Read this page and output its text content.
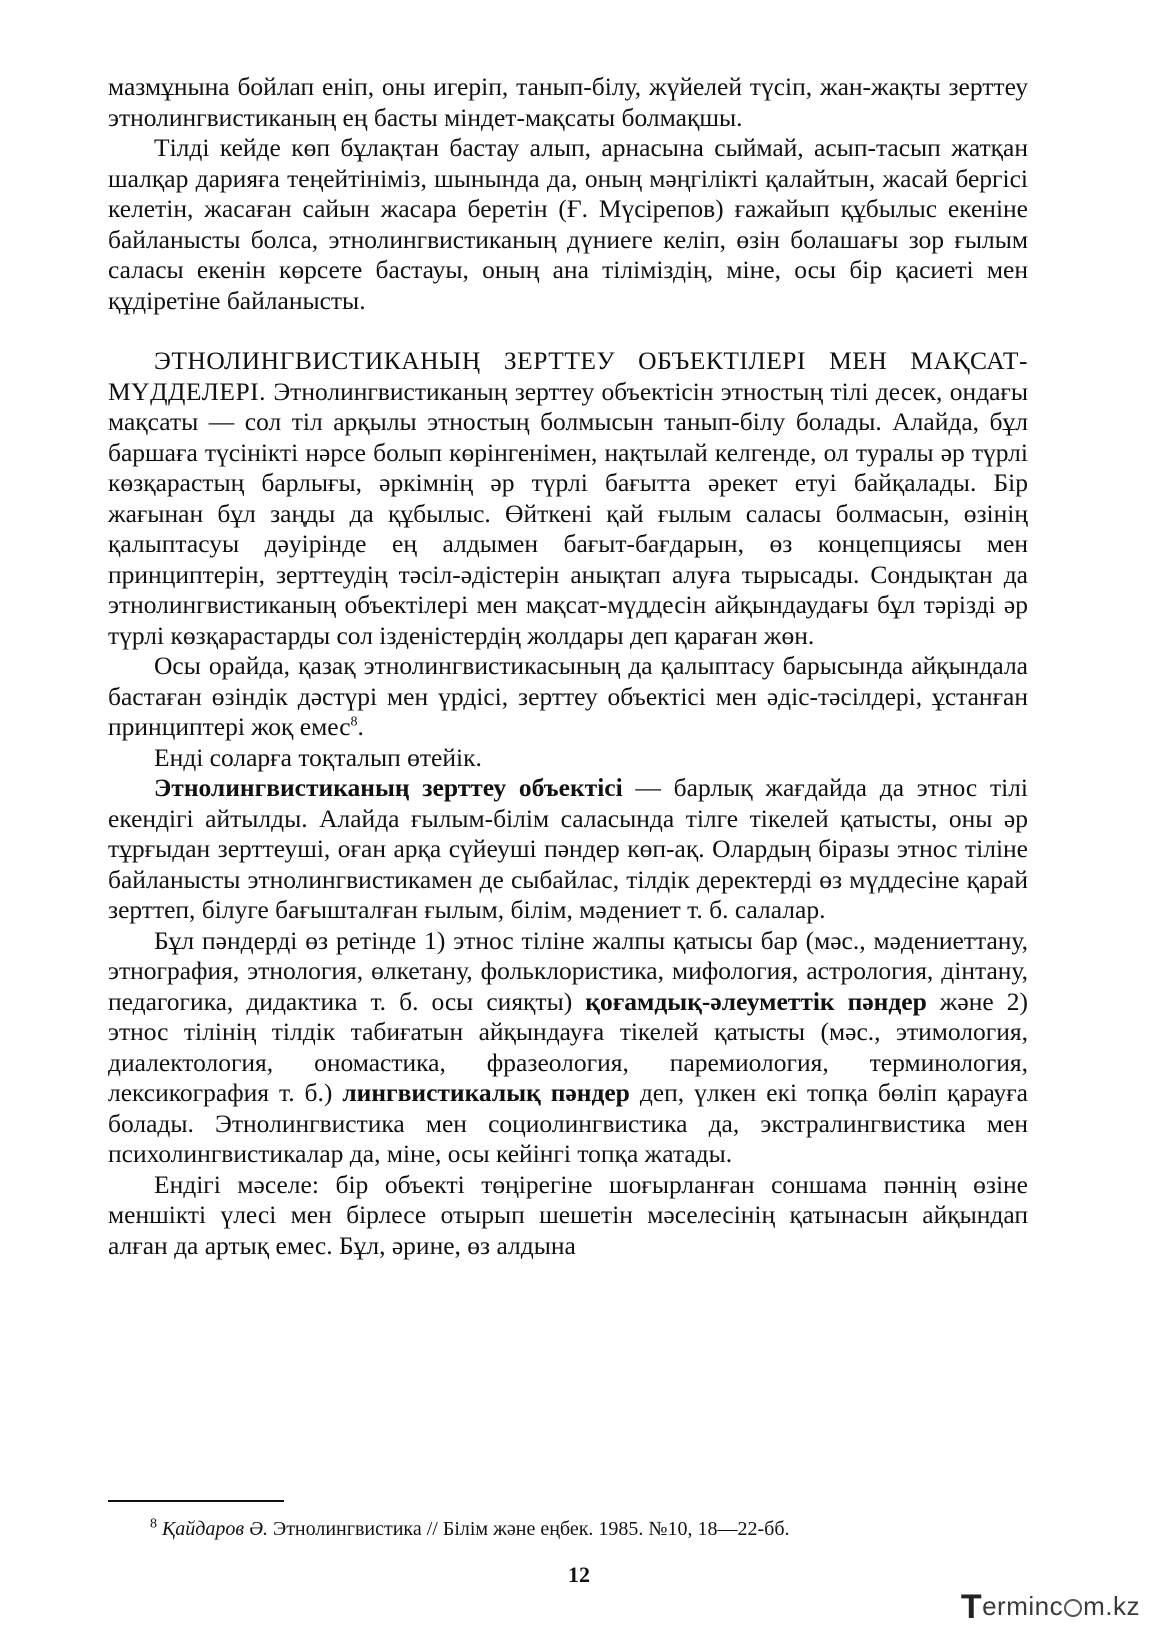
мазмұнына бойлап еніп, оны игеріп, танып-білу, жүйелей түсіп, жан-жақты зерттеу этнолингвистиканың ең басты міндет-мақсаты болмақшы.

Тілді кейде көп бұлақтан бастау алып, арнасына сыймай, асып-тасып жатқан шалқар дарияға теңейтініміз, шынында да, оның мәңгілікті қалайтын, жасай бергісі келетін, жасаған сайын жасара беретін (Ғ. Мүсірепов) ғажайып құбылыс екеніне байланысты болса, этнолингвистиканың дүниеге келіп, өзін болашағы зор ғылым саласы екенін көрсете бастауы, оның ана тіліміздің, міне, осы бір қасиеті мен құдіретіне байланысты.

ЭТНОЛИНГВИСТИКАНЫҢ ЗЕРТТЕУ ОБЪЕКТІЛЕРІ МЕН МАҚСАТ-МҮДДЕЛЕРІ. Этнолингвистиканың зерттеу объектісін этностың тілі десек, ондағы мақсаты — сол тіл арқылы этностың болмысын танып-білу болады. Алайда, бұл баршаға түсінікті нәрсе болып көрінгенімен, нақтылай келгенде, ол туралы әр түрлі көзқарастың барлығы, әркімнің әр түрлі бағытта әрекет етуі байқалады. Бір жағынан бұл заңды да құбылыс. Өйткені қай ғылым саласы болмасын, өзінің қалыптасуы дәуірінде ең алдымен бағыт-бағдарын, өз концепциясы мен принциптерін, зерттеудің тәсіл-әдістерін анықтап алуға тырысады. Сондықтан да этнолингвистиканың объектілері мен мақсат-мүддесін айқындаудағы бұл тәрізді әр түрлі көзқарастарды сол ізденістердің жолдары деп қараған жөн.

Осы орайда, қазақ этнолингвистикасының да қалыптасу барысында айқындала бастаған өзіндік дәстүрі мен үрдісі, зерттеу объектісі мен әдіс-тәсілдері, ұстанған принциптері жоқ емес$^8$.

Енді соларға тоқталып өтейік.

Этнолингвистиканың зерттеу объектісі — барлық жағдайда да этнос тілі екендігі айтылды. Алайда ғылым-білім саласында тілге тікелей қатысты, оны әр тұрғыдан зерттеуші, оған арқа сүйеуші пәндер көп-ақ. Олардың біразы этнос тіліне байланысты этнолингвистикамен де сыбайлас, тілдік деректерді өз мүддесіне қарай зерттеп, білуге бағышталған ғылым, білім, мәдениет т. б. салалар.

Бұл пәндерді өз ретінде 1) этнос тіліне жалпы қатысы бар (мәс., мәдениеттану, этнография, этнология, өлкетану, фольклористика, мифология, астрология, дінтану, педагогика, дидактика т. б. осы сияқты) қоғамдық-әлеуметтік пәндер және 2) этнос тілінің тілдік табиғатын айқындауға тікелей қатысты (мәс., этимология, диалектология, ономастика, фразеология, паремиология, терминология, лексикография т. б.) лингвистикалық пәндер деп, үлкен екі топқа бөліп қарауға болады. Этнолингвистика мен социолингвистика да, экстралингвистика мен психолингвистикалар да, міне, осы кейінгі топқа жатады.

Ендігі мәселе: бір объекті төңірегіне шоғырланған соншама пәннің өзіне меншікті үлесі мен бірлесе отырып шешетін мәселесінің қатынасын айқындап алған да артық емес. Бұл, әрине, өз алдына

$^8$ Қайдаров Ә. Этнолингвистика // Білім және еңбек. 1985. №10, 18—22-бб.

12
Terminc m.kz
